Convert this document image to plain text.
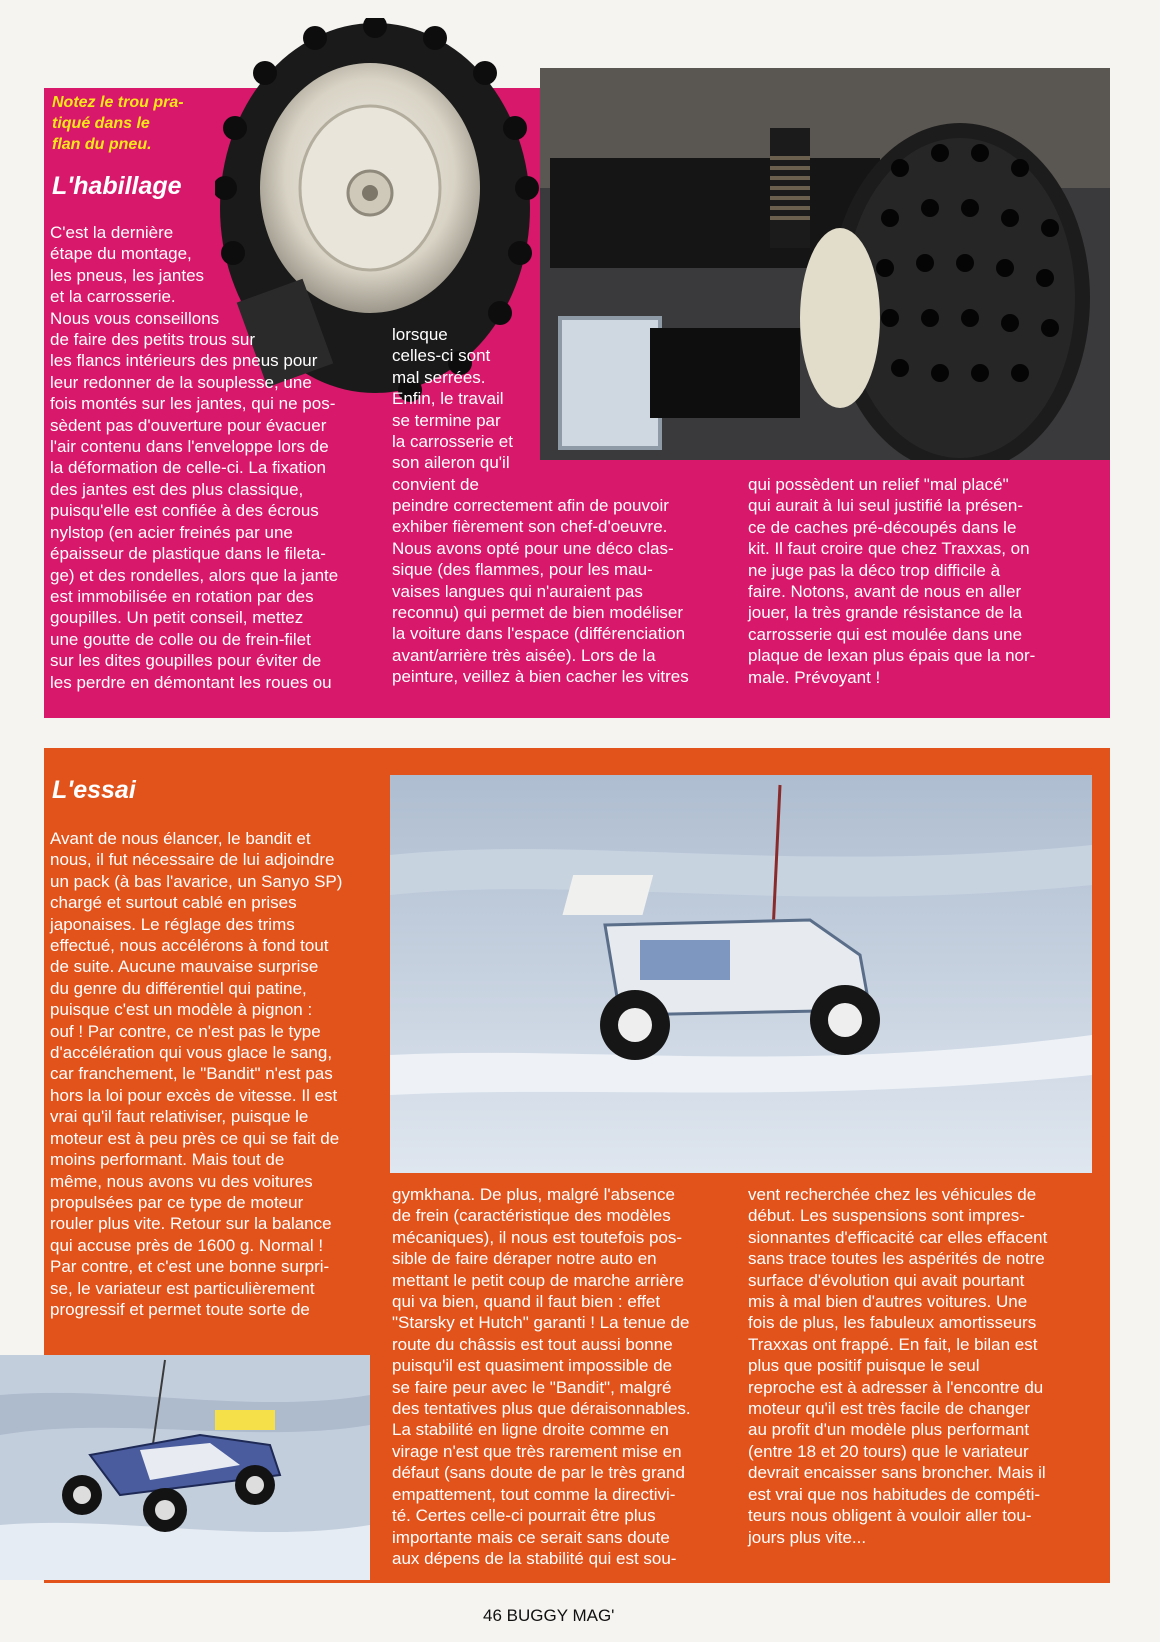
Notez le trou pra-
tiqué dans le
flan du pneu.

L'habillage

C'est la dernière
étape du montage,
les pneus, les jantes
et la carrosserie.
Nous vous conseillons
de faire des petits trous sur
les flancs intérieurs des pneus pour
leur redonner de la souplesse, une
fois montés sur les jantes, qui ne pos-
sèdent pas d'ouverture pour évacuer
l'air contenu dans l'enveloppe lors de
la déformation de celle-ci. La fixation
des jantes est des plus classique,
puisqu'elle est confiée à des écrous
nylstop (en acier freinés par une
épaisseur de plastique dans le fileta-
ge) et des rondelles, alors que la jante
est immobilisée en rotation par des
goupilles. Un petit conseil, mettez
une goutte de colle ou de frein-filet
sur les dites goupilles pour éviter de
les perdre en démontant les roues ou

lorsque
celles-ci sont
mal serrées.
Enfin, le travail
se termine par
la carrosserie et
son aileron qu'il
convient de

peindre correctement afin de pouvoir
exhiber fièrement son chef-d'oeuvre.
Nous avons opté pour une déco clas-
sique (des flammes, pour les mau-
vaises langues qui n'auraient pas
reconnu) qui permet de bien modéliser
la voiture dans l'espace (différenciation
avant/arrière très aisée). Lors de la
peinture, veillez à bien cacher les vitres

qui possèdent un relief "mal placé"
qui aurait à lui seul justifié la présen-
ce de caches pré-découpés dans le
kit. Il faut croire que chez Traxxas, on
ne juge pas la déco trop difficile à
faire. Notons, avant de nous en aller
jouer, la très grande résistance de la
carrosserie qui est moulée dans une
plaque de lexan plus épais que la nor-
male. Prévoyant !

L'essai

Avant de nous élancer, le bandit et
nous, il fut nécessaire de lui adjoindre
un pack (à bas l'avarice, un Sanyo SP)
chargé et surtout cablé en prises
japonaises. Le réglage des trims
effectué, nous accélérons à fond tout
de suite. Aucune mauvaise surprise
du genre du différentiel qui patine,
puisque c'est un modèle à pignon :
ouf ! Par contre, ce n'est pas le type
d'accélération qui vous glace le sang,
car franchement, le "Bandit" n'est pas
hors la loi pour excès de vitesse. Il est
vrai qu'il faut relativiser, puisque le
moteur est à peu près ce qui se fait de
moins performant. Mais tout de
même, nous avons vu des voitures
propulsées par ce type de moteur
rouler plus vite. Retour sur la balance
qui accuse près de 1600 g. Normal !
Par contre, et c'est une bonne surpri-
se, le variateur est particulièrement
progressif et permet toute sorte de

gymkhana. De plus, malgré l'absence
de frein (caractéristique des modèles
mécaniques), il nous est toutefois pos-
sible de faire déraper notre auto en
mettant le petit coup de marche arrière
qui va bien, quand il faut bien : effet
"Starsky et Hutch" garanti ! La tenue de
route du châssis est tout aussi bonne
puisqu'il est quasiment impossible de
se faire peur avec le "Bandit", malgré
des tentatives plus que déraisonnables.
La stabilité en ligne droite comme en
virage n'est que très rarement mise en
défaut (sans doute de par le très grand
empattement, tout comme la directivi-
té. Certes celle-ci pourrait être plus
importante mais ce serait sans doute
aux dépens de la stabilité qui est sou-

vent recherchée chez les véhicules de
début. Les suspensions sont impres-
sionnantes d'efficacité car elles effacent
sans trace toutes les aspérités de notre
surface d'évolution qui avait pourtant
mis à mal bien d'autres voitures. Une
fois de plus, les fabuleux amortisseurs
Traxxas ont frappé. En fait, le bilan est
plus que positif puisque le seul
reproche est à adresser à l'encontre du
moteur qu'il est très facile de changer
au profit d'un modèle plus performant
(entre 18 et 20 tours) que le variateur
devrait encaisser sans broncher. Mais il
est vrai que nos habitudes de compéti-
teurs nous obligent à vouloir aller tou-
jours plus vite...

46 BUGGY MAG'
